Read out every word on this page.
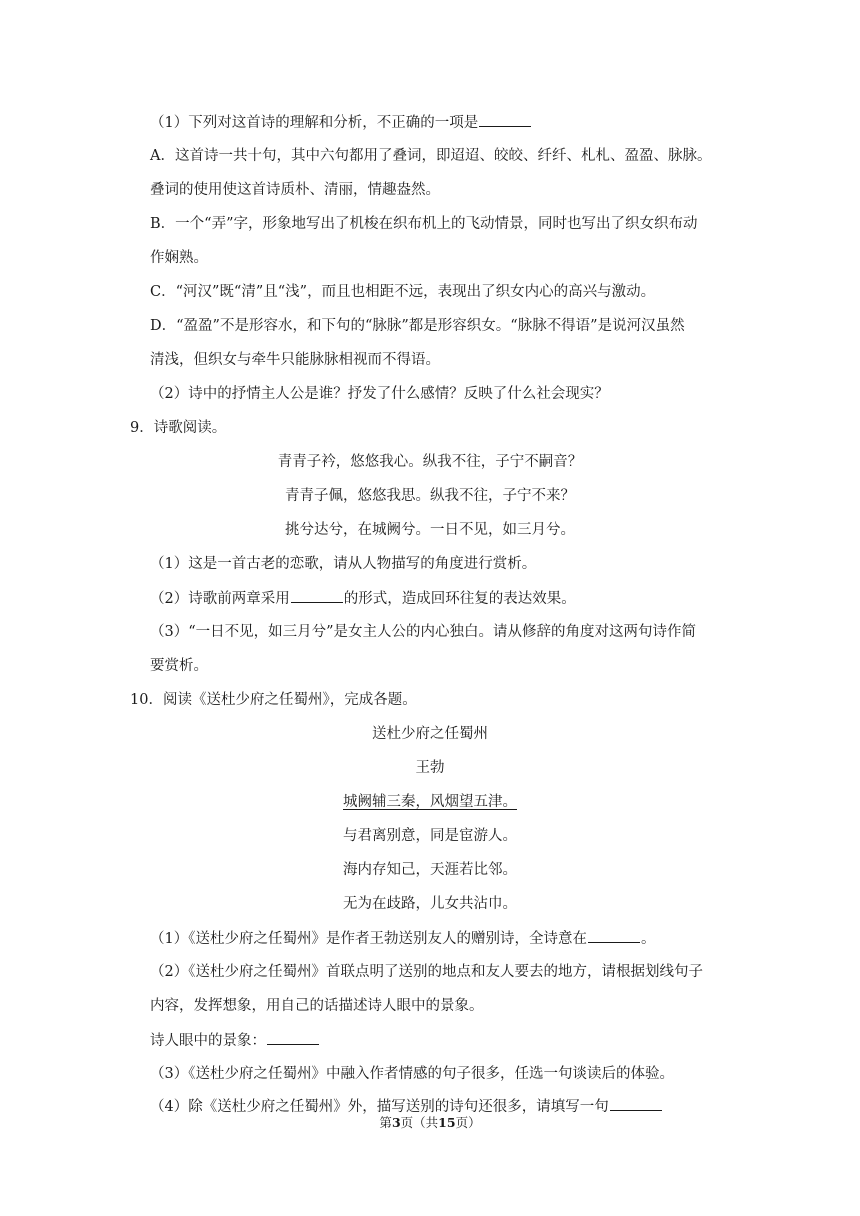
（1）下列对这首诗的理解和分析，不正确的一项是
A．这首诗一共十句，其中六句都用了叠词，即迢迢、皎皎、纤纤、札札、盈盈、脉脉。
叠词的使用使这首诗质朴、清丽，情趣盎然。
B．一个“弄”字，形象地写出了机梭在织布机上的飞动情景，同时也写出了织女织布动
作娴熟。
C．“河汉”既“清”且“浅”，而且也相距不远，表现出了织女内心的高兴与激动。
D．“盈盈”不是形容水，和下句的“脉脉”都是形容织女。“脉脉不得语”是说河汉虽然
清浅，但织女与牵牛只能脉脉相视而不得语。
（2）诗中的抒情主人公是谁？抒发了什么感情？反映了什么社会现实？
9．诗歌阅读。
青青子衿，悠悠我心。纵我不往，子宁不嗣音？
青青子佩，悠悠我思。纵我不往，子宁不来？
挑兮达兮，在城阙兮。一日不见，如三月兮。
（1）这是一首古老的恋歌，请从人物描写的角度进行赏析。
（2）诗歌前两章采用	的形式，造成回环往复的表达效果。
（3）“一日不见，如三月兮”是女主人公的内心独白。请从修辞的角度对这两句诗作简
要赏析。
10．阅读《送杜少府之任蜀州》，完成各题。
送杜少府之任蜀州
王勃
城阙辅三秦，风烟望五津。
与君离别意，同是宦游人。
海内存知己，天涯若比邻。
无为在歧路，儿女共沾巾。
（1）《送杜少府之任蜀州》是作者王勃送别友人的赠别诗，全诗意在	。
（2）《送杜少府之任蜀州》首联点明了送别的地点和友人要去的地方，请根据划线句子
内容，发挥想象，用自己的话描述诗人眼中的景象。
诗人眼中的景象：
（3）《送杜少府之任蜀州》中融入作者情感的句子很多，任选一句谈读后的体验。
（4）除《送杜少府之任蜀州》外，描写送别的诗句还很多，请填写一句
第3页（共15页）
